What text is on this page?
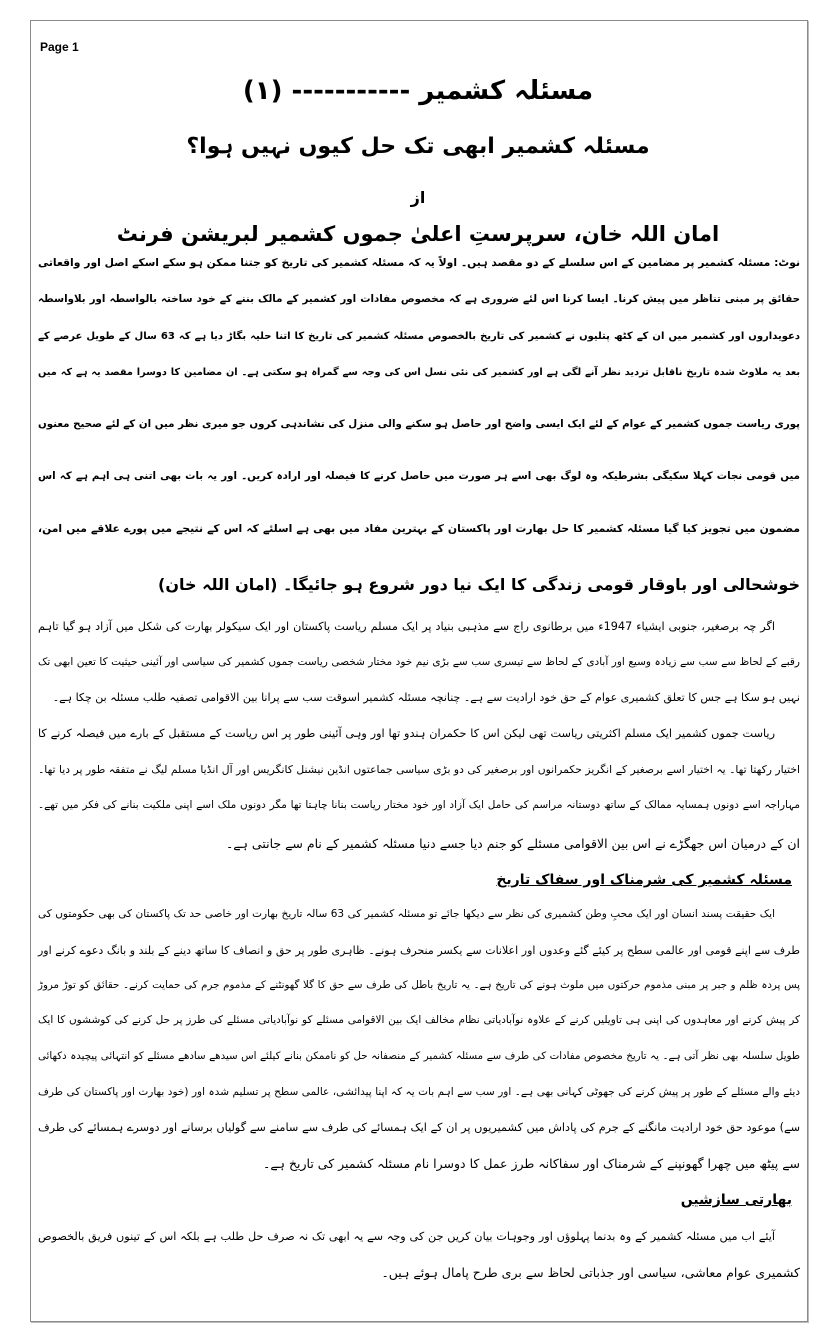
Page 1
مسئلہ کشمیر ----------- (۱)
مسئلہ کشمیر ابھی تک حل کیوں نہیں ہوا؟
از
امان اللہ خان، سرپرستِ اعلیٰ جموں کشمیر لبریشن فرنٹ
نوٹ: مسئلہ کشمیر پر مضامین کے اس سلسلے کے دو مقصد ہیں۔ اولاً یہ کہ مسئلہ کشمیر کی تاریخ کو جتنا ممکن ہو سکے اسکے اصل اور واقعاتی
حقائق پر مبنی تناظر میں پیش کرنا۔ ایسا کرنا اس لئے ضروری ہے کہ مخصوص مفادات اور کشمیر کے مالک بننے کے خود ساختہ بالواسطہ اور بلاواسطہ
دعویداروں اور کشمیر میں ان کے کٹھ پتلیوں نے کشمیر کی تاریخ بالخصوص مسئلہ کشمیر کی تاریخ کا اتنا حلیہ بگاڑ دیا ہے کہ 63 سال کے طویل عرصے کے
بعد یہ ملاوٹ شدہ تاریخ ناقابل تردید نظر آنے لگی ہے اور کشمیر کی نئی نسل اس کی وجہ سے گمراہ ہو سکتی ہے۔ ان مضامین کا دوسرا مقصد یہ ہے کہ میں
پوری ریاست جموں کشمیر کے عوام کے لئے ایک ایسی واضح اور حاصل ہو سکنے والی منزل کی نشاندہی کروں جو میری نظر میں ان کے لئے صحیح معنوں
میں قومی نجات کہلا سکیگی بشرطیکہ وہ لوگ بھی اسے ہر صورت میں حاصل کرنے کا فیصلہ اور ارادہ کریں۔ اور یہ بات بھی اتنی ہی اہم ہے کہ اس
مضمون میں تجویز کیا گیا مسئلہ کشمیر کا حل بھارت اور پاکستان کے بہترین مفاد میں بھی ہے اسلئے کہ اس کے نتیجے میں پورے علاقے میں امن،
خوشحالی اور باوقار قومی زندگی کا ایک نیا دور شروع ہو جائیگا۔ (امان اللہ خان)
اگر چہ برصغیر، جنوبی ایشیاء 1947ء میں برطانوی راج سے مذہبی بنیاد پر ایک مسلم ریاست پاکستان اور ایک سیکولر بھارت کی شکل میں آزاد ہو گیا تاہم
رقبے کے لحاظ سے سب سے زیادہ وسیع اور آبادی کے لحاظ سے تیسری سب سے بڑی نیم خود مختار شخصی ریاست جموں کشمیر کی سیاسی اور آئینی حیثیت کا تعین ابھی تک
نہیں ہو سکا ہے جس کا تعلق کشمیری عوام کے حق خود ارادیت سے ہے۔ چنانچہ مسئلہ کشمیر اسوقت سب سے پرانا بین الاقوامی تصفیہ طلب مسئلہ بن چکا ہے۔
ریاست جموں کشمیر ایک مسلم اکثریتی ریاست تھی لیکن اس کا حکمران ہندو تھا اور وہی آئینی طور پر اس ریاست کے مستقبل کے بارے میں فیصلہ کرنے کا
اختیار رکھتا تھا۔ یہ اختیار اسے برصغیر کے انگریز حکمرانوں اور برصغیر کی دو بڑی سیاسی جماعتوں انڈین نیشنل کانگریس اور آل انڈیا مسلم لیگ نے متفقہ طور پر دیا تھا۔
مہاراجہ اسے دونوں ہمسایہ ممالک کے ساتھ دوستانہ مراسم کی حامل ایک آزاد اور خود مختار ریاست بنانا چاہتا تھا مگر دونوں ملک اسے اپنی ملکیت بنانے کی فکر میں تھے۔
ان کے درمیان اس جھگڑے نے اس بین الاقوامی مسئلے کو جنم دیا جسے دنیا مسئلہ کشمیر کے نام سے جانتی ہے۔
مسئلہ کشمیر کی شرمناک اور سفاک تاریخ
ایک حقیقت پسند انسان اور ایک محبِ وطن کشمیری کی نظر سے دیکھا جائے تو مسئلہ کشمیر کی 63 سالہ تاریخ بھارت اور خاصی حد تک پاکستان کی بھی حکومتوں کی
طرف سے اپنے قومی اور عالمی سطح پر کیئے گئے وعدوں اور اعلانات سے یکسر منحرف ہونے۔ ظاہری طور پر حق و انصاف کا ساتھ دینے کے بلند و بانگ دعوے کرنے اور
پس پردہ ظلم و جبر پر مبنی مذموم حرکتوں میں ملوث ہونے کی تاریخ ہے۔ یہ تاریخ باطل کی طرف سے حق کا گلا گھونٹنے کے مذموم جرم کی حمایت کرنے۔ حقائق کو توڑ مروڑ
کر پیش کرنے اور معاہدوں کی اپنی ہی تاویلیں کرنے کے علاوہ نوآبادیاتی نظام مخالف ایک بین الاقوامی مسئلے کو نوآبادیاتی مسئلے کی طرز پر حل کرنے کی کوششوں کا ایک
طویل سلسلہ بھی نظر آتی ہے۔ یہ تاریخ مخصوص مفادات کی طرف سے مسئلہ کشمیر کے منصفانہ حل کو ناممکن بنانے کیلئے اس سیدھے سادھے مسئلے کو انتہائی پیچیدہ دکھائی
دیئے والے مسئلے کے طور پر پیش کرنے کی جھوٹی کہانی بھی ہے۔ اور سب سے اہم بات یہ کہ اپنا پیدائشی، عالمی سطح پر تسلیم شدہ اور (خود بھارت اور پاکستان کی طرف
سے) موعود حق خود ارادیت مانگنے کے جرم کی پاداش میں کشمیریوں پر ان کے ایک ہمسائے کی طرف سے سامنے سے گولیاں برسانے اور دوسرے ہمسائے کی طرف
سے پیٹھ میں چھرا گھونپنے کے شرمناک اور سفاکانہ طرز عمل کا دوسرا نام مسئلہ کشمیر کی تاریخ ہے۔
بھارتی سازشیں
آیئے اب میں مسئلہ کشمیر کے وہ بدنما پہلوؤں اور وجوہات بیان کریں جن کی وجہ سے یہ ابھی تک نہ صرف حل طلب ہے بلکہ اس کے تینوں فریق بالخصوص
کشمیری عوام معاشی، سیاسی اور جذباتی لحاظ سے بری طرح پامال ہوئے ہیں۔
